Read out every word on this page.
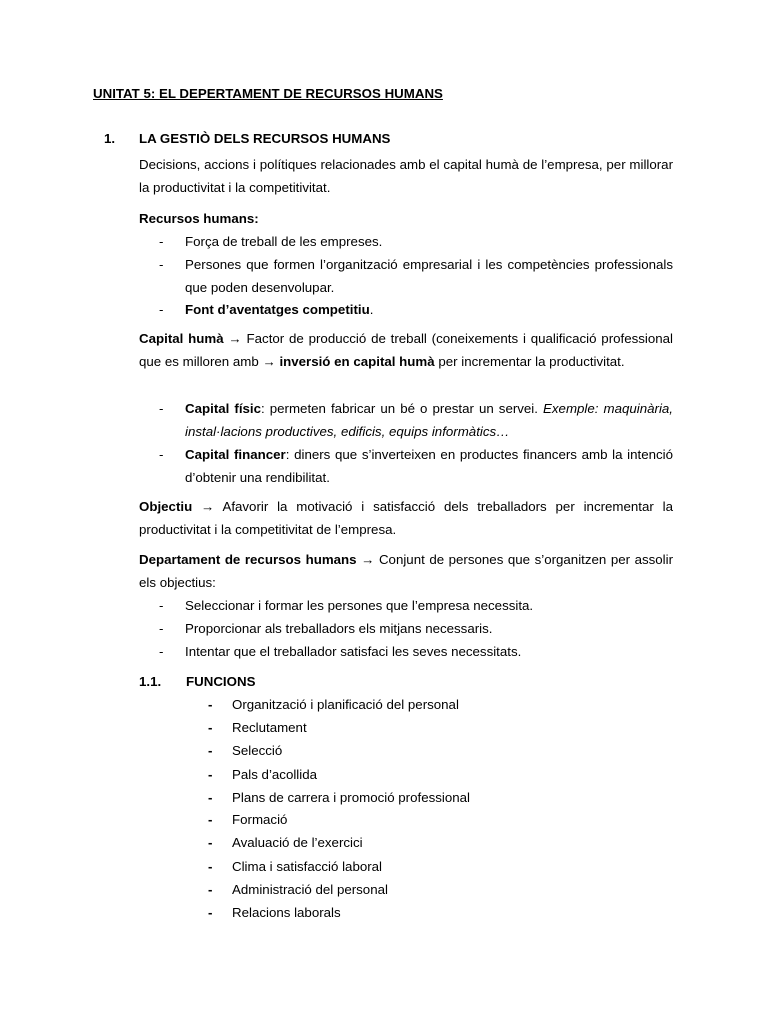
UNITAT 5: EL DEPERTAMENT DE RECURSOS HUMANS
1. LA GESTIÒ DELS RECURSOS HUMANS
Decisions, accions i polítiques relacionades amb el capital humà de l’empresa, per millorar la productivitat i la competitivitat.
Recursos humans:
- Força de treball de les empreses.
- Persones que formen l’organització empresarial i les competències professionals que poden desenvolupar.
- Font d’aventatges competitiu.
Capital humà → Factor de producció de treball (coneixements i qualificació professional que es milloren amb → inversió en capital humà per incrementar la productivitat.
- Capital físic: permeten fabricar un bé o prestar un servei. Exemple: maquinària, instal·lacions productives, edificis, equips informàtics…
- Capital financer: diners que s’inverteixen en productes financers amb la intenció d’obtenir una rendibilitat.
Objectiu → Afavorir la motivació i satisfacció dels treballadors per incrementar la productivitat i la competitivitat de l’empresa.
Departament de recursos humans → Conjunt de persones que s’organitzen per assolir els objectius:
- Seleccionar i formar les persones que l’empresa necessita.
- Proporcionar als treballadors els mitjans necessaris.
- Intentar que el treballador satisfaci les seves necessitats.
1.1.	FUNCIONS
- Organització i planificació del personal
- Reclutament
- Selecció
- Pals d’acollida
- Plans de carrera i promoció professional
- Formació
- Avaluació de l’exercici
- Clima i satisfacció laboral
- Administració del personal
- Relacions laborals
